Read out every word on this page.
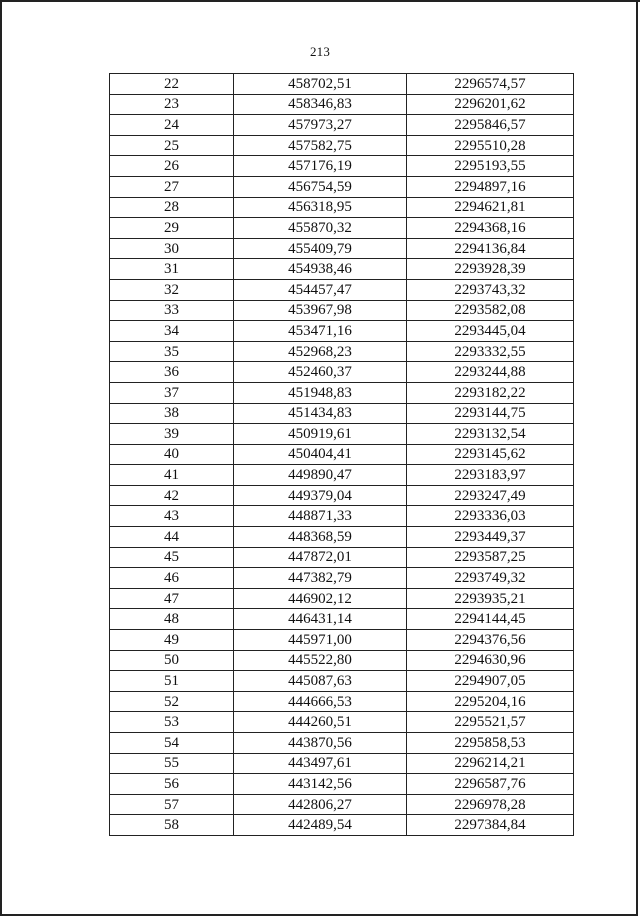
213
22	458702,51	2296574,57
23	458346,83	2296201,62
24	457973,27	2295846,57
25	457582,75	2295510,28
26	457176,19	2295193,55
27	456754,59	2294897,16
28	456318,95	2294621,81
29	455870,32	2294368,16
30	455409,79	2294136,84
31	454938,46	2293928,39
32	454457,47	2293743,32
33	453967,98	2293582,08
34	453471,16	2293445,04
35	452968,23	2293332,55
36	452460,37	2293244,88
37	451948,83	2293182,22
38	451434,83	2293144,75
39	450919,61	2293132,54
40	450404,41	2293145,62
41	449890,47	2293183,97
42	449379,04	2293247,49
43	448871,33	2293336,03
44	448368,59	2293449,37
45	447872,01	2293587,25
46	447382,79	2293749,32
47	446902,12	2293935,21
48	446431,14	2294144,45
49	445971,00	2294376,56
50	445522,80	2294630,96
51	445087,63	2294907,05
52	444666,53	2295204,16
53	444260,51	2295521,57
54	443870,56	2295858,53
55	443497,61	2296214,21
56	443142,56	2296587,76
57	442806,27	2296978,28
58	442489,54	2297384,84
